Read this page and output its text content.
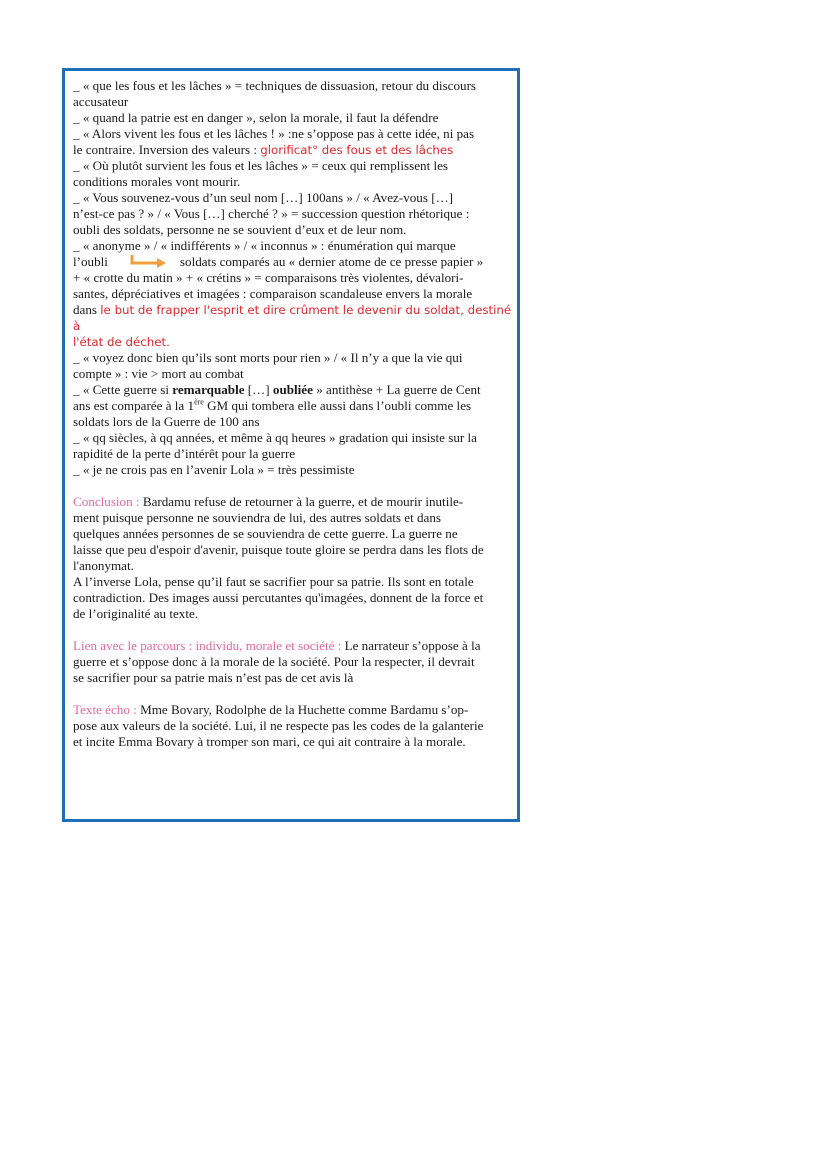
_ « que les fous et les lâches » = techniques de dissuasion, retour du discours

accusateur

_ « quand la patrie est en danger », selon la morale, il faut la défendre

_ « Alors vivent les fous et les lâches ! » :ne s’oppose pas à cette idée, ni pas

le contraire. Inversion des valeurs : glorificat° des fous et des lâches

_ « Où plutôt survient les fous et les lâches » = ceux qui remplissent les

conditions morales vont mourir.

_ « Vous souvenez-vous d’un seul nom […] 100ans » / « Avez-vous […]

n’est-ce pas ? » / « Vous […] cherché ? » = succession question rhétorique :

oubli des soldats, personne ne se souvient d’eux et de leur nom.

_ « anonyme » / « indifférents » / « inconnus » : énumération qui marque

l’oubli	soldats comparés au « dernier atome de ce presse papier »

+ « crotte du matin » + « crétins » = comparaisons très violentes, dévalori-

santes, dépréciatives et imagées : comparaison scandaleuse envers la morale

dans le but de frapper l'esprit et dire crûment le devenir du soldat, destiné à

l'état de déchet.

_ « voyez donc bien qu’ils sont morts pour rien » / « Il n’y a que la vie qui

compte » : vie > mort au combat

_ « Cette guerre si remarquable […] oubliée » antithèse + La guerre de Cent

ans est comparée à la 1ère GM qui tombera elle aussi dans l’oubli comme les

soldats lors de la Guerre de 100 ans

_ « qq siècles, à qq années, et même à qq heures » gradation qui insiste sur la

rapidité de la perte d’intérêt pour la guerre

_ « je ne crois pas en l’avenir Lola » = très pessimiste

Conclusion : Bardamu refuse de retourner à la guerre, et de mourir inutile-

ment puisque personne ne souviendra de lui, des autres soldats et dans

quelques années personnes de se souviendra de cette guerre. La guerre ne

laisse que peu d'espoir d'avenir, puisque toute gloire se perdra dans les flots de

l'anonymat.

A l’inverse Lola, pense qu’il faut se sacrifier pour sa patrie. Ils sont en totale

contradiction. Des images aussi percutantes qu'imagées, donnent de la force et

de l’originalité au texte.

Lien avec le parcours : individu, morale et société : Le narrateur s’oppose à la

guerre et s’oppose donc à la morale de la société. Pour la respecter, il devrait

se sacrifier pour sa patrie mais n’est pas de cet avis là

Texte écho : Mme Bovary, Rodolphe de la Huchette comme Bardamu s’op-

pose aux valeurs de la société. Lui, il ne respecte pas les codes de la galanterie

et incite Emma Bovary à tromper son mari, ce qui ait contraire à la morale.
